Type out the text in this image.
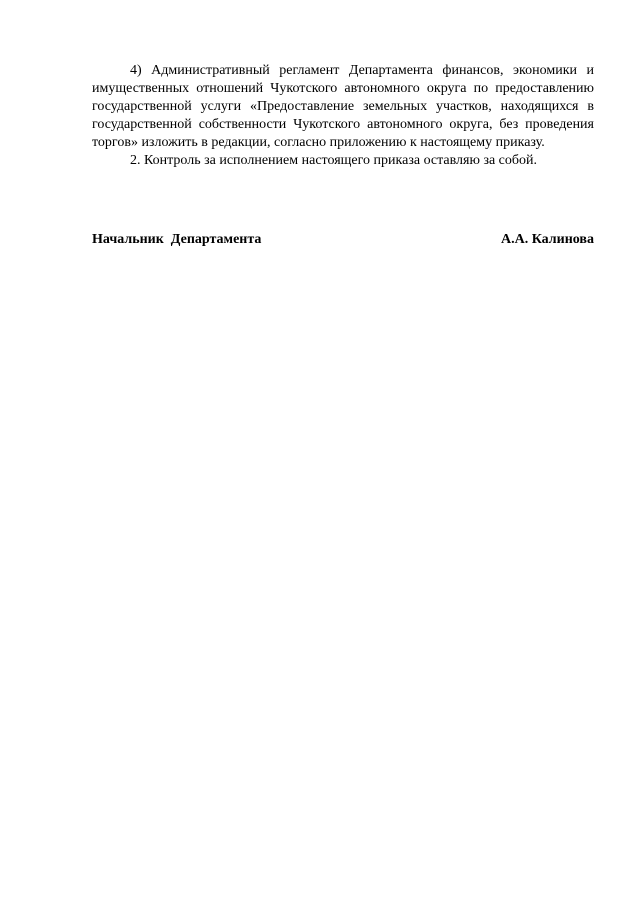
4) Административный регламент Департамента финансов, экономики и имущественных отношений Чукотского автономного округа по предоставлению государственной услуги «Предоставление земельных участков, находящихся в государственной собственности Чукотского автономного округа, без проведения торгов» изложить в редакции, согласно приложению к настоящему приказу.

2. Контроль за исполнением настоящего приказа оставляю за собой.

Начальник  Департамента	А.А. Калинова
